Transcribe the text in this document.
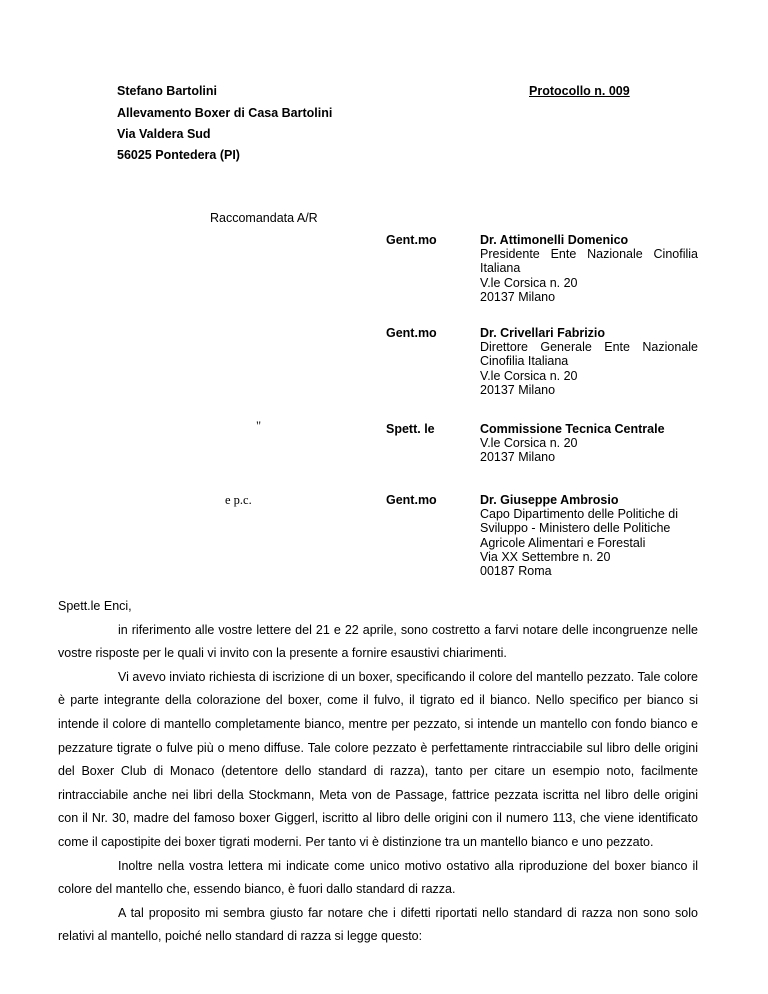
Stefano Bartolini
Allevamento Boxer di Casa Bartolini
Via Valdera Sud
56025 Pontedera (PI)
Protocollo n. 009
Raccomandata A/R
Gent.mo	Dr. Attimonelli Domenico
Presidente Ente Nazionale Cinofilia Italiana
V.le Corsica n. 20
20137 Milano
Gent.mo	Dr. Crivellari Fabrizio
Direttore Generale Ente Nazionale Cinofilia Italiana
V.le Corsica n. 20
20137 Milano
"	Spett. le	Commissione Tecnica Centrale
V.le Corsica n. 20
20137 Milano
e p.c.	Gent.mo	Dr. Giuseppe Ambrosio
Capo Dipartimento delle Politiche di Sviluppo - Ministero delle Politiche Agricole Alimentari e Forestali
Via XX Settembre n. 20
00187 Roma

Spett.le Enci,

in riferimento alle vostre lettere del 21 e 22 aprile, sono costretto a farvi notare delle incongruenze nelle vostre risposte per le quali vi invito con la presente a fornire esaustivi chiarimenti.

Vi avevo inviato richiesta di iscrizione di un boxer, specificando il colore del mantello pezzato. Tale colore è parte integrante della colorazione del boxer, come il fulvo, il tigrato ed il bianco. Nello specifico per bianco si intende il colore di mantello completamente bianco, mentre per pezzato, si intende un mantello con fondo bianco e pezzature tigrate o fulve più o meno diffuse. Tale colore pezzato è perfettamente rintracciabile sul libro delle origini del Boxer Club di Monaco (detentore dello standard di razza), tanto per citare un esempio noto, facilmente rintracciabile anche nei libri della Stockmann, Meta von de Passage, fattrice pezzata iscritta nel libro delle origini con il Nr. 30, madre del famoso boxer Giggerl, iscritto al libro delle origini con il numero 113, che viene identificato come il capostipite dei boxer tigrati moderni. Per tanto vi è distinzione tra un mantello bianco e uno pezzato.

Inoltre nella vostra lettera mi indicate come unico motivo ostativo alla riproduzione del boxer bianco il colore del mantello che, essendo bianco, è fuori dallo standard di razza.

A tal proposito mi sembra giusto far notare che i difetti riportati nello standard di razza non sono solo relativi al mantello, poiché nello standard di razza si legge questo:
